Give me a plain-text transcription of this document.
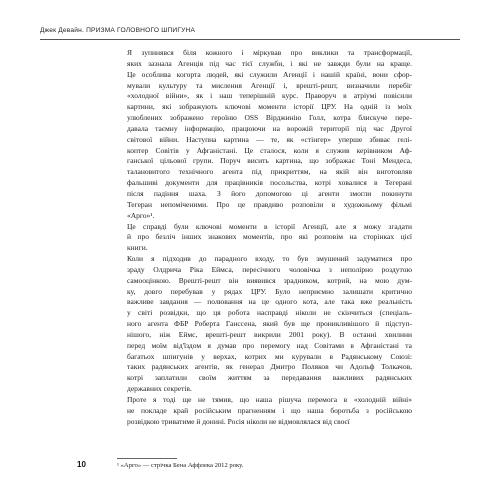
Джек Девайн. ПРИЗМА ГОЛОВНОГО ШПИГУНА

Я зупинявся біля кожного і міркував про виклики та трансформації,
яких зазнала Агенція під час тієї служби, і які не завжди були на краще.
Це особлива когорта людей, які служили Агенції і нашій країні, вони сфор-
мували культуру та мислення Агенції і, врешті-решт, визначили перебіг
«холодної війни», як і наш теперішній курс. Праворуч в атріумі повісили
картини, які зображують ключові моменти історії ЦРУ. На одній із моїх
улюблених зображено героїню OSS Вірджинію Голл, котра блискуче пере-
давала таємну інформацію, працюючи на ворожій території під час Другої
світової війни. Наступна картина — те, як «стінгер» уперше збиває гелі-
коптер Совітів у Афганістані. Це сталося, коли я служив керівником Аф-
ганської цільової групи. Поруч висить картина, що зображає Тоні Мендеса,
талановитого технічного агента під прикриттям, на якій він виготовляв
фальшиві документи для працівників посольства, котрі ховалися в Тегерані
після падіння шаха. З його допомогою ці агенти змогли покинути
Тегеран непоміченими. Про це правдиво розповіли в художньому фільмі
«Арго»¹.

Це справді були ключові моменти в історії Агенції, але я можу згадати
й про безліч інших знакових моментів, про які розповім на сторінках цієї
книги.

Коли я підходив до парадного входу, то був змушений задуматися про
зраду Олдрича Ріка Еймса, пересічного чоловічка з неполірно роздутою
самооцінкою. Врешті-решт він виявився зрадником, котрий, на мою дум-
ку, довго перебував у рядах ЦРУ. Було неприємно залишати критично
важливе завдання — полювання на це одного кота, але така вже реальність
у світі розвідки, що ця робота насправді ніколи не скінчиться (спеціаль-
ного агента ФБР Роберта Ганссена, який був ще проникливішого й підступ-
нішого, ніж Еймс, врешті-решт викрили 2001 року). В останні хвилини
перед моїм від'їздом я думав про перемогу над Совітами в Афганістані та
багатьох шпигунів у верхах, котрих ми курували в Радянському Союзі:
таких радянських агентів, як генерал Дмитро Поляков чи Адольф Толкачов,
котрі заплатили своїм життям за передавання важливих радянських
державних секретів.

Проте я тоді ще не тямив, що наша рішуча перемога в «холодній війні»
не покладе край російським прагненням і що наша боротьба з російською
розвідкою триватиме й донині. Росія ніколи не відмовлялася від своєї

10	¹ «Арго» — стрічка Бена Аффлека 2012 року.
